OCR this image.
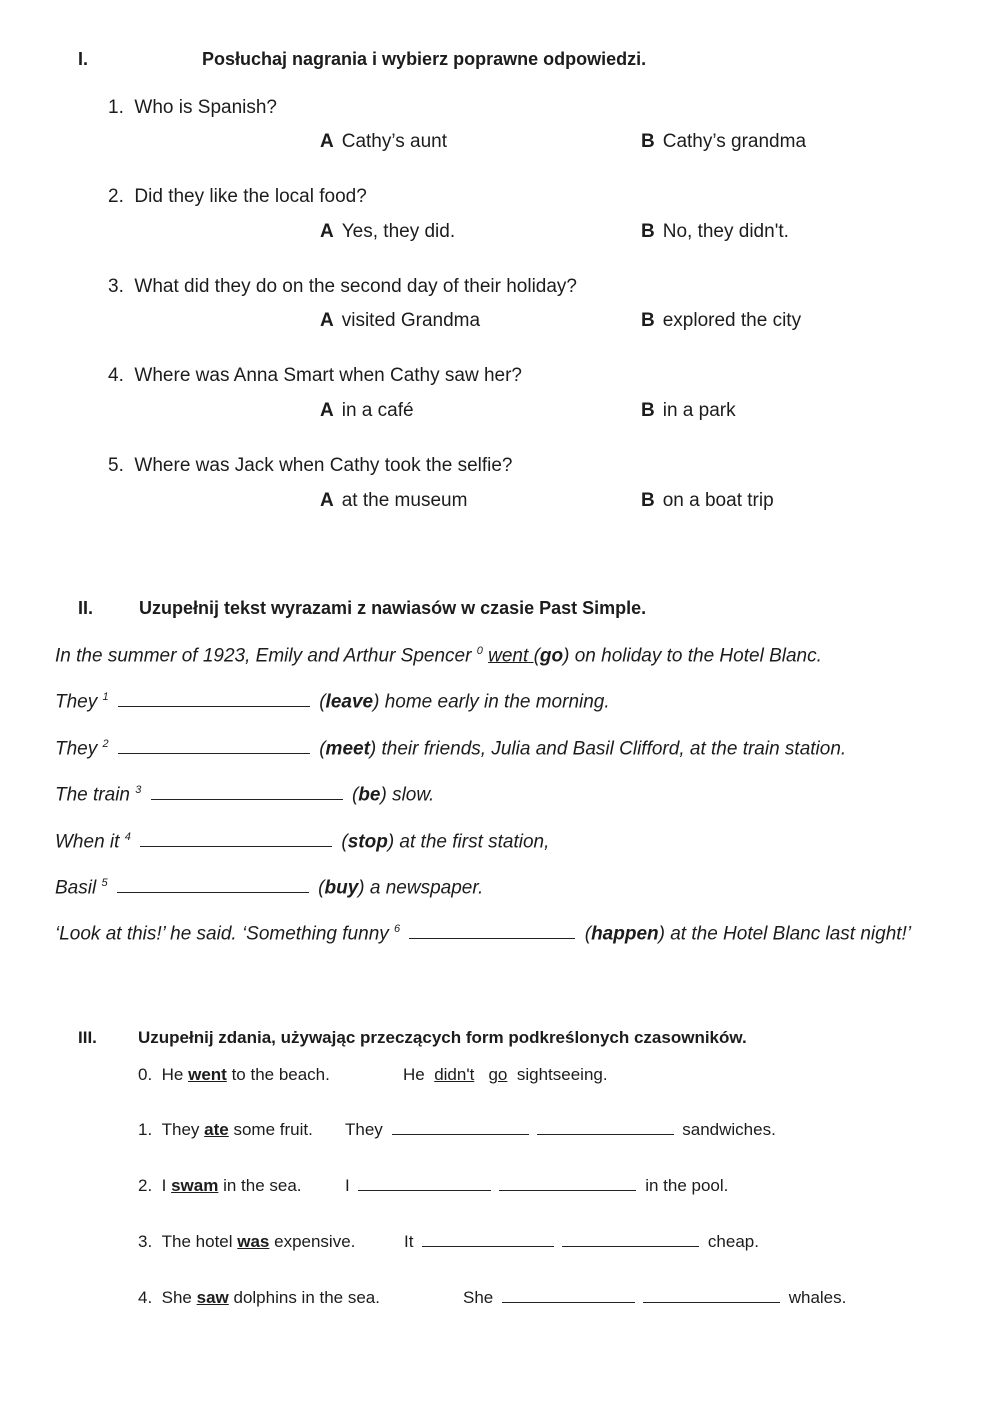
I.	Posłuchaj nagrania i wybierz poprawne odpowiedzi.
1. Who is Spanish?
A Cathy’s aunt	B Cathy’s grandma
2. Did they like the local food?
A Yes, they did.	B No, they didn't.
3. What did they do on the second day of their holiday?
A visited Grandma	B explored the city
4. Where was Anna Smart when Cathy saw her?
A in a café	B in a park
5. Where was Jack when Cathy took the selfie?
A at the museum	B on a boat trip
II.	Uzupełnij tekst wyrazami z nawiasów w czasie Past Simple.
In the summer of 1923, Emily and Arthur Spencer $^0$ went (go) on holiday to the Hotel Blanc.
They $^1$	(leave) home early in the morning.
They $^2$	(meet) their friends, Julia and Basil Clifford, at the train station.
The train $^3$	(be) slow.
When it $^4$	(stop) at the first station,
Basil $^5$	(buy) a newspaper.
‘Look at this!’ he said. ‘Something funny $^6$	(happen) at the Hotel Blanc last night!’
III. Uzupełnij zdania, używając przeczących form podkreślonych czasowników.
0. He went to the beach.	He didn't go sightseeing.
1. They ate some fruit. They	sandwiches.
2. I swam in the sea.	I	in the pool.
3. The hotel was expensive.	It	cheap.
4. She saw dolphins in the sea.	She	whales.
